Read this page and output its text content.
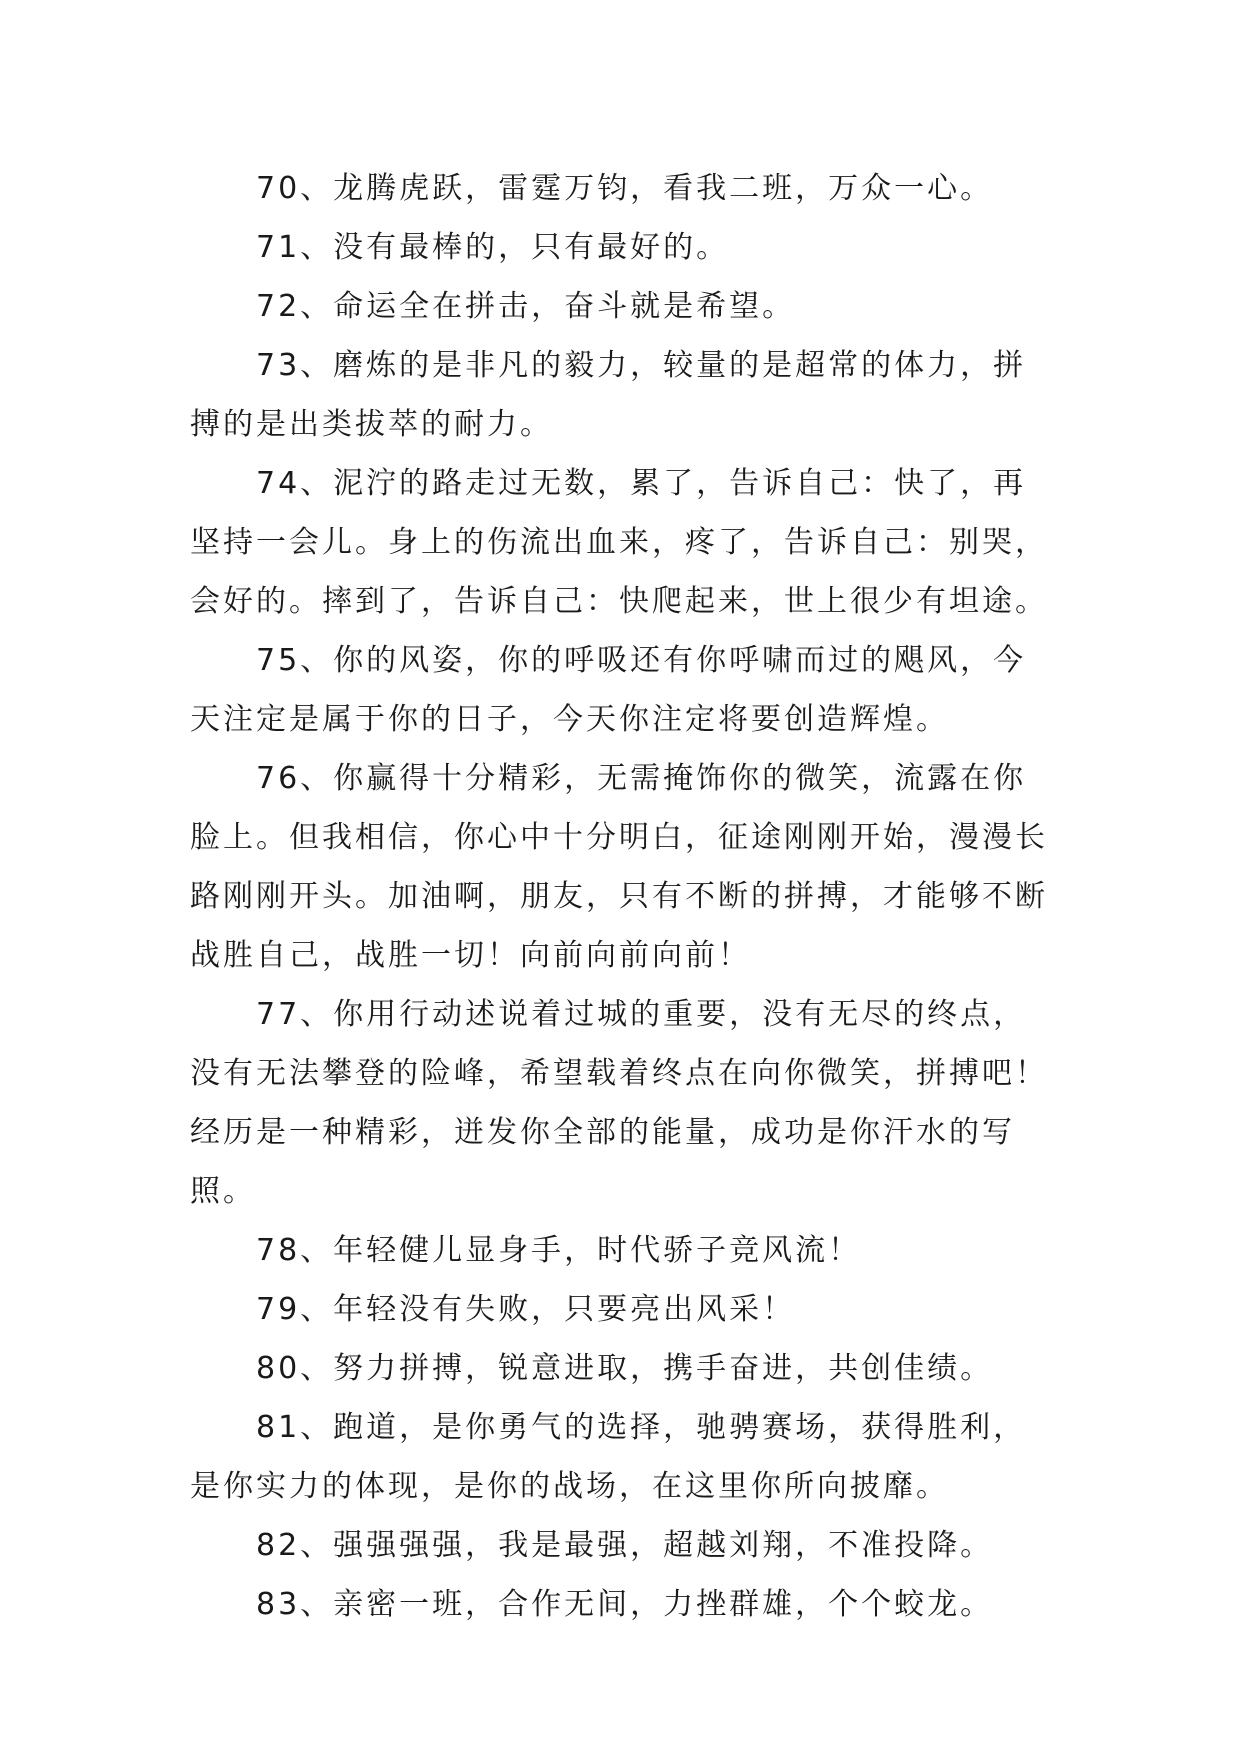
70、龙腾虎跃，雷霆万钧，看我二班，万众一心。

71、没有最棒的，只有最好的。

72、命运全在拼击，奋斗就是希望。

73、磨炼的是非凡的毅力，较量的是超常的体力，拼搏的是出类拔萃的耐力。

74、泥泞的路走过无数，累了，告诉自己：快了，再坚持一会儿。身上的伤流出血来，疼了，告诉自己：别哭，会好的。摔到了，告诉自己：快爬起来，世上很少有坦途。

75、你的风姿，你的呼吸还有你呼啸而过的飓风，今天注定是属于你的日子，今天你注定将要创造辉煌。

76、你赢得十分精彩，无需掩饰你的微笑，流露在你脸上。但我相信，你心中十分明白，征途刚刚开始，漫漫长路刚刚开头。加油啊，朋友，只有不断的拼搏，才能够不断战胜自己，战胜一切！向前向前向前！

77、你用行动述说着过城的重要，没有无尽的终点，没有无法攀登的险峰，希望载着终点在向你微笑，拼搏吧！经历是一种精彩，迸发你全部的能量，成功是你汗水的写照。

78、年轻健儿显身手，时代骄子竞风流！

79、年轻没有失败，只要亮出风采！

80、努力拼搏，锐意进取，携手奋进，共创佳绩。

81、跑道，是你勇气的选择，驰骋赛场，获得胜利，是你实力的体现，是你的战场，在这里你所向披靡。

82、强强强强，我是最强，超越刘翔，不准投降。

83、亲密一班，合作无间，力挫群雄，个个蛟龙。
